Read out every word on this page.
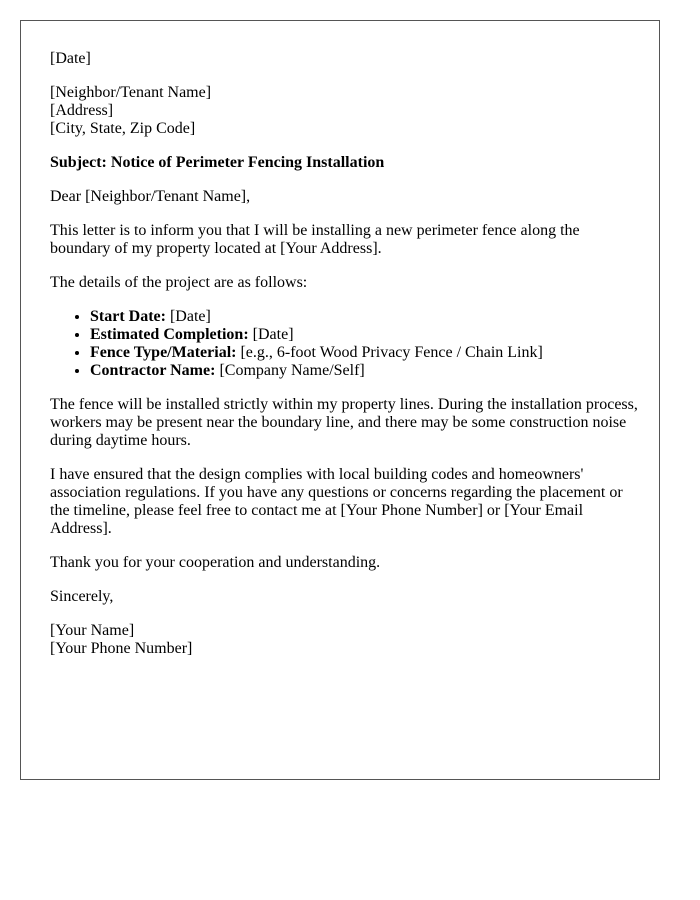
[Date]

[Neighbor/Tenant Name]
[Address]
[City, State, Zip Code]

Subject: Notice of Perimeter Fencing Installation

Dear [Neighbor/Tenant Name],

This letter is to inform you that I will be installing a new perimeter fence along the boundary of my property located at [Your Address].

The details of the project are as follows:

• Start Date: [Date]
• Estimated Completion: [Date]
• Fence Type/Material: [e.g., 6-foot Wood Privacy Fence / Chain Link]
• Contractor Name: [Company Name/Self]

The fence will be installed strictly within my property lines. During the installation process, workers may be present near the boundary line, and there may be some construction noise during daytime hours.

I have ensured that the design complies with local building codes and homeowners' association regulations. If you have any questions or concerns regarding the placement or the timeline, please feel free to contact me at [Your Phone Number] or [Your Email Address].

Thank you for your cooperation and understanding.

Sincerely,

[Your Name]
[Your Phone Number]
